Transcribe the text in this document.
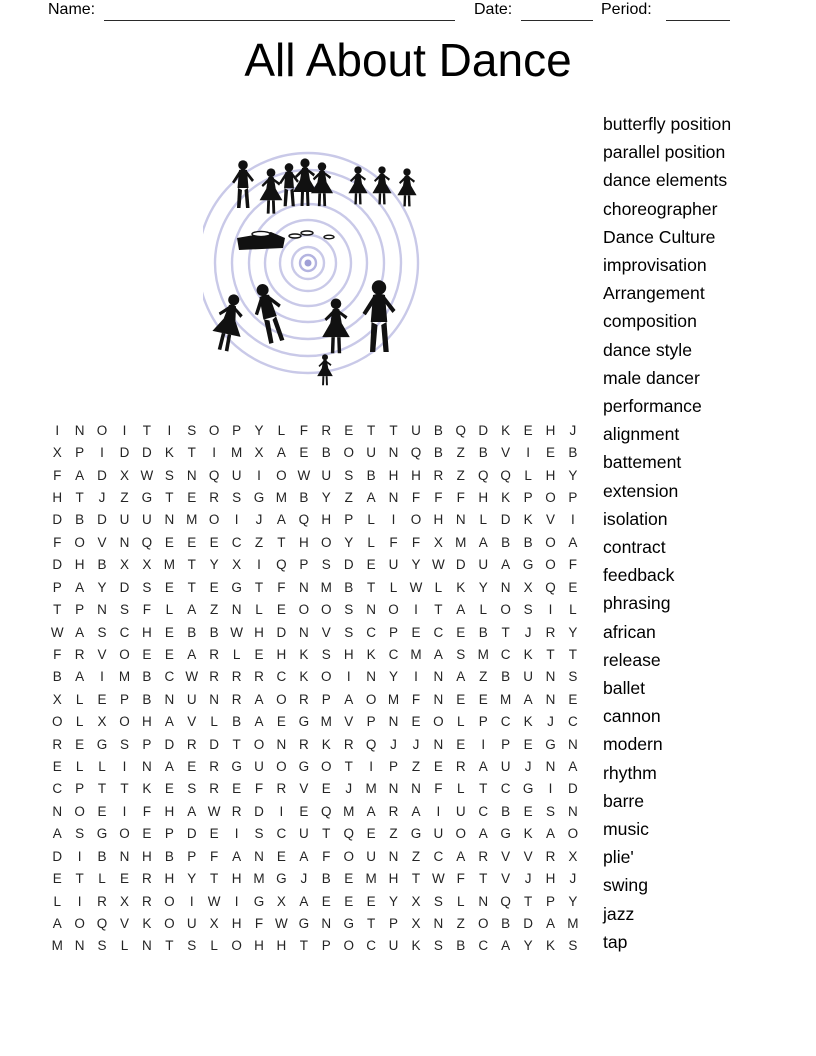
Name:	Date:	Period:
All About Dance
I	N O	I	T	I	S O P Y	L	F R E	T	T U B Q D K E H	J
X P	I	D D K	T	I	M X A E B O U N Q B	Z	B V	I	E B
F	A D X W S N Q U	I	O W U S B H H R Z Q Q L	H Y
H T	J	Z G T	E R S G M B Y	Z	A N F	F	F H K P O P
D B D U U N M O	I	J	A Q H P	L	I	O H N	L	D K V	I
F O V N Q E E E C Z	T H O Y	L	F	F	X M A B B O A
D H B X X M T	Y X	I	Q P S D E U Y W D U A G O F
P A Y D S E	T	E G T	F N M B	T	L W L	K Y N X Q E
T	P N S	F	L	A	Z N	L	E O O S N O	I	T	A	L O S	I	L
W A S C H E B B W H D N V S C P E C E B	T	J	R Y
F R V O E E A R	L	E H K S H K C M A S M C K	T	T
B A	I	M B C W R R R C K O	I	N Y	I	N A	Z	B U N S
X	L	E P B N U N R A O R P A O M F N E E M A N E
O L	X O H A V	L	B A E G M V P N E O L	P C K	J	C
R E G S P D R D T O N R K R Q	J	J	N E	I	P E G N
E	L	L	I	N A E R G U O G O T	I	P	Z	E R A U	J	N A
C P	T	T	K E S R E	F R V E	J M N N F	L	T C G	I	D
N O E	I	F H A W R D	I	E Q M A R A	I	U C B E S N
A S G O E P D E	I	S C U T Q E	Z G U O A G K A O
D	I	B N H B P	F	A N E A	F O U N Z C A R V V R X
E	T	L	E R H Y	T H M G	J	B E M H T W F	T	V	J	H	J
L	I	R X R O	I	W	I	G X A E E E Y X S	L	N Q T	P Y
A O Q V K O U X H F W G N G T	P X N Z O B D A M
M N S	L	N T	S	L O H H T	P O C U K S B C A Y K S
butterfly position
parallel position
dance elements
choreographer
Dance Culture
improvisation
Arrangement
composition
dance style
male dancer
performance
alignment
battement
extension
isolation
contract
feedback
phrasing
african
release
ballet
cannon
modern
rhythm
barre
music
plie'
swing
jazz
tap
